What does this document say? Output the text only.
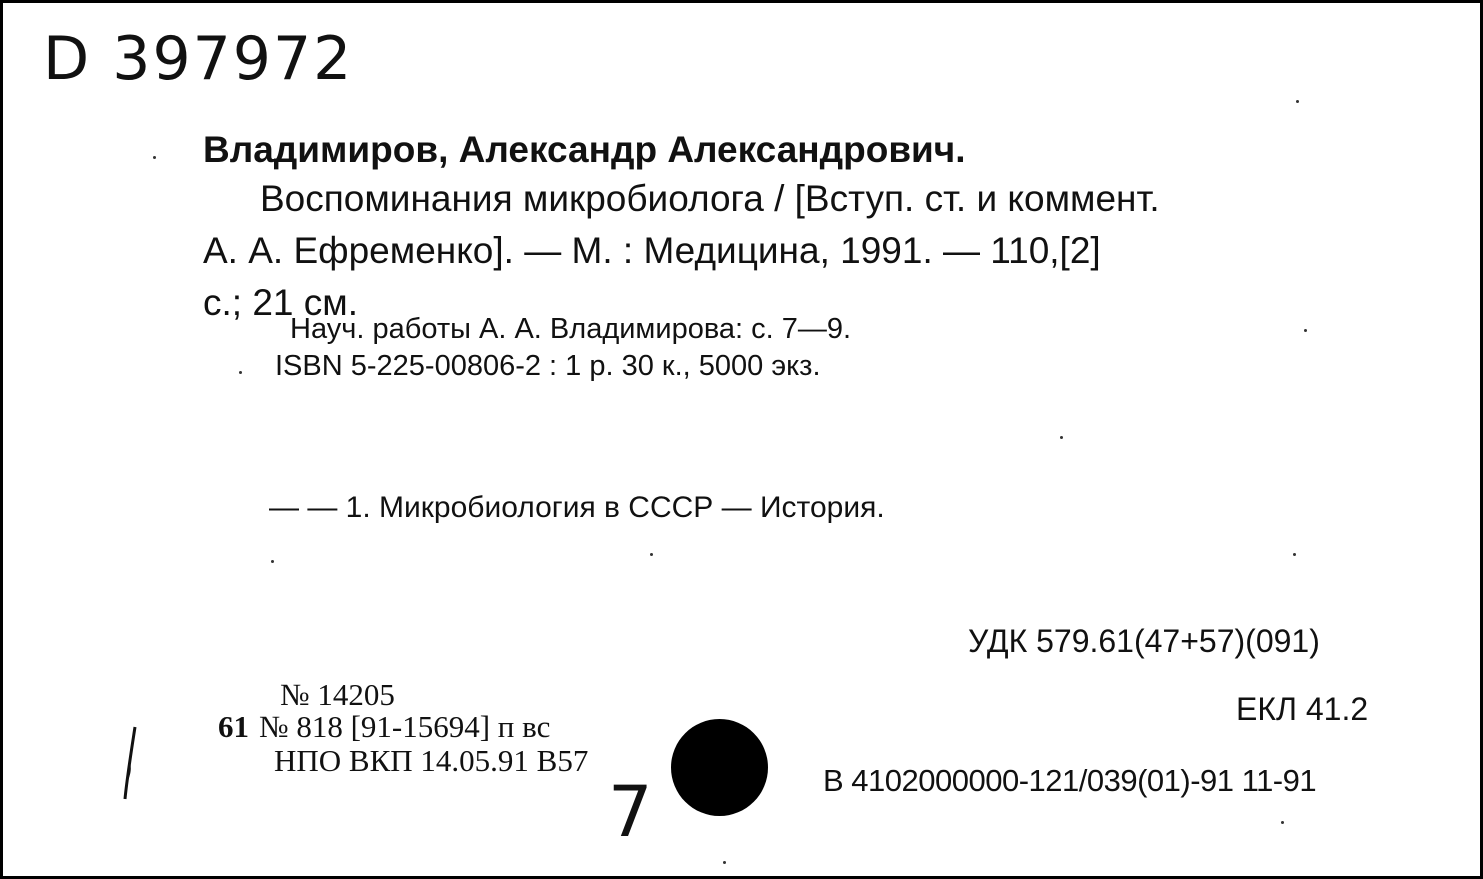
D 397972
Владимиров, Александр Александрович.
Воспоминания микробиолога / [Вступ. ст. и коммент.
А. А. Ефременко]. — М. : Медицина, 1991. — 110,[2]
с.; 21 см.
Науч. работы А. А. Владимирова: с. 7—9.
ISBN 5-225-00806-2 : 1 р. 30 к., 5000 экз.
— — 1. Микробиология в СССР — История.
УДК 579.61(47+57)(091)
ЕКЛ 41.2
В 4102000000-121/039(01)-91 11-91
№ 14205
61 № 818 [91-15694] п вс
НПО ВКП 14.05.91 В57
7
